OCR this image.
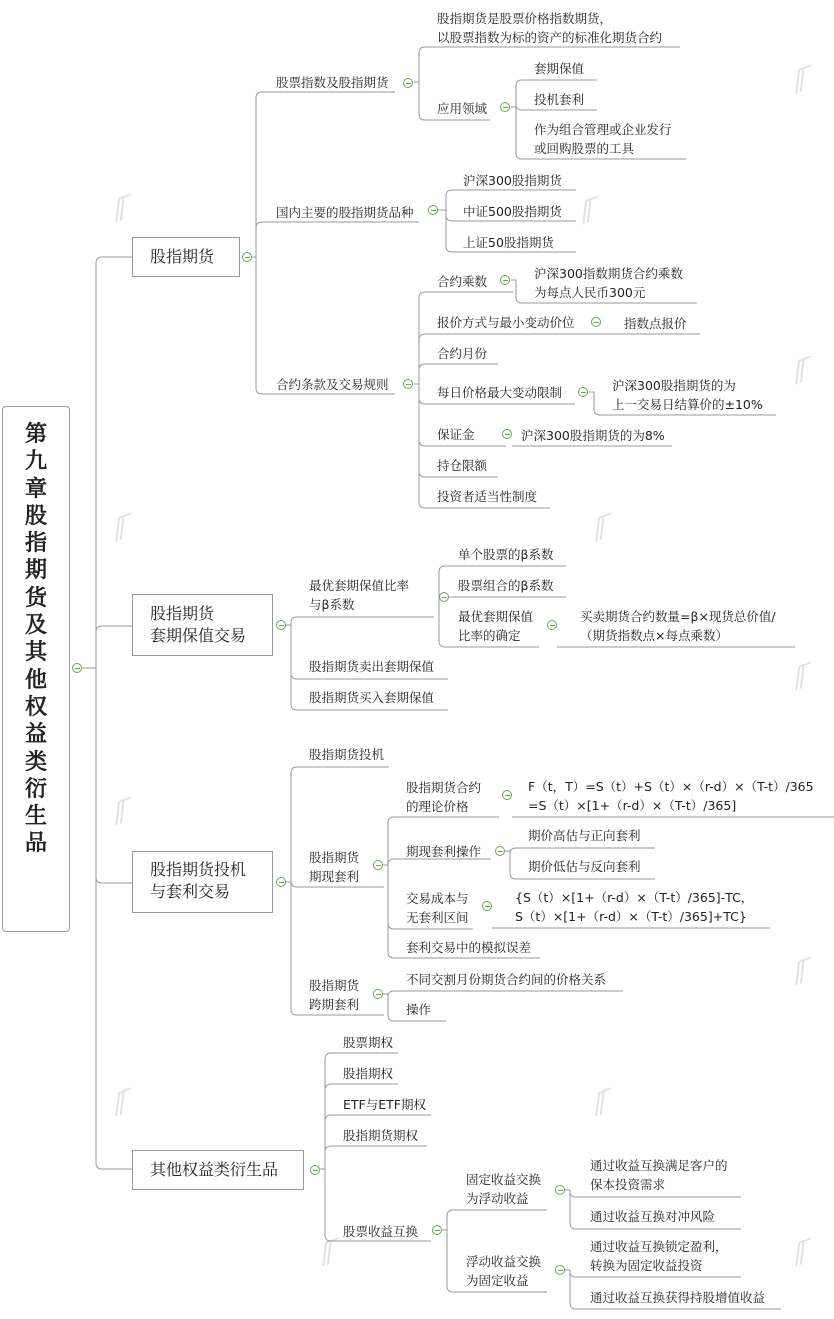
//‾	//‾
//‾	//‾
//‾
//‾
//‾
//‾
//‾
//‾
//‾
//‾
//‾
第
九
章
股
指
期
货
及
其
他
权
益
类
衍
生
品
股指期货
股指期货
套期保值交易
股指期货投机
与套利交易
其他权益类衍生品
股票指数及股指期货
国内主要的股指期货品种
合约条款及交易规则
股指期货是股票价格指数期货，
以股票指数为标的资产的标准化期货合约
应用领域
套期保值
投机套利
作为组合管理或企业发行
或回购股票的工具
沪深300股指期货
中证500股指期货
上证50股指期货
合约乘数
报价方式与最小变动价位
合约月份
每日价格最大变动限制
保证金
持仓限额
投资者适当性制度
沪深300指数期货合约乘数
为每点人民币300元
指数点报价
沪深300股指期货的为
上一交易日结算价的±10%
沪深300股指期货的为8%
最优套期保值比率
与β系数
股指期货卖出套期保值
股指期货买入套期保值
单个股票的β系数
股票组合的β系数
最优套期保值
比率的确定
买卖期货合约数量=β×现货总价值/
（期货指数点×每点乘数）
股指期货投机
股指期货
期现套利
股指期货
跨期套利
股指期货合约
的理论价格
期现套利操作
交易成本与
无套利区间
套利交易中的模拟误差
F（t，T）=S（t）+S（t）×（r-d）×（T-t）/365
=S（t）×[1+（r-d）×（T-t）/365]
期价高估与正向套利
期价低估与反向套利
{S（t）×[1+（r-d）×（T-t）/365]-TC，
S（t）×[1+（r-d）×（T-t）/365]+TC}
不同交割月份期货合约间的价格关系
操作
股票期权
股指期权
ETF与ETF期权
股指期货期权
股票收益互换
固定收益交换
为浮动收益
浮动收益交换
为固定收益
通过收益互换满足客户的
保本投资需求
通过收益互换对冲风险
通过收益互换锁定盈利，
转换为固定收益投资
通过收益互换获得持股增值收益
